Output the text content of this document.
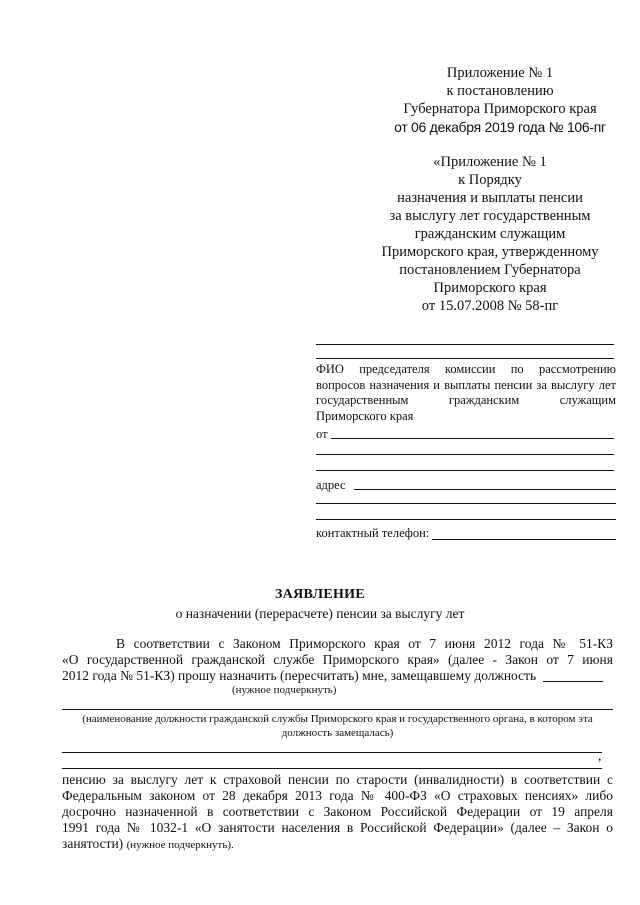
Приложение № 1
к постановлению
Губернатора Приморского края
от 06 декабря 2019 года № 106-пг
«Приложение № 1
к Порядку
назначения и выплаты пенсии
за выслугу лет государственным
гражданским служащим
Приморского края, утвержденному
постановлением Губернатора
Приморского края
от 15.07.2008 № 58-пг
ФИО председателя комиссии по рассмотрению
вопросов назначения и выплаты пенсии за выслугу лет
государственным гражданским служащим
Приморского края
от
адрес
контактный телефон:
ЗАЯВЛЕНИЕ
о назначении (перерасчете) пенсии за выслугу лет
В соответствии с Законом Приморского края от 7 июня 2012 года № 51-КЗ
«О государственной гражданской службе Приморского края» (далее - Закон от 7 июня
2012 года № 51-КЗ) прошу назначить (пересчитать) мне, замещавшему должность
(нужное подчеркнуть)
(наименование должности гражданской службы Приморского края и государственного органа, в котором эта
должность замещалась)
,
пенсию за выслугу лет к страховой пенсии по старости (инвалидности) в соответствии с
Федеральным законом от 28 декабря 2013 года № 400-ФЗ «О страховых пенсиях» либо
досрочно назначенной в соответствии с Законом Российской Федерации от 19 апреля
1991 года № 1032-1 «О занятости населения в Российской Федерации» (далее – Закон о
занятости) (нужное подчеркнуть).
